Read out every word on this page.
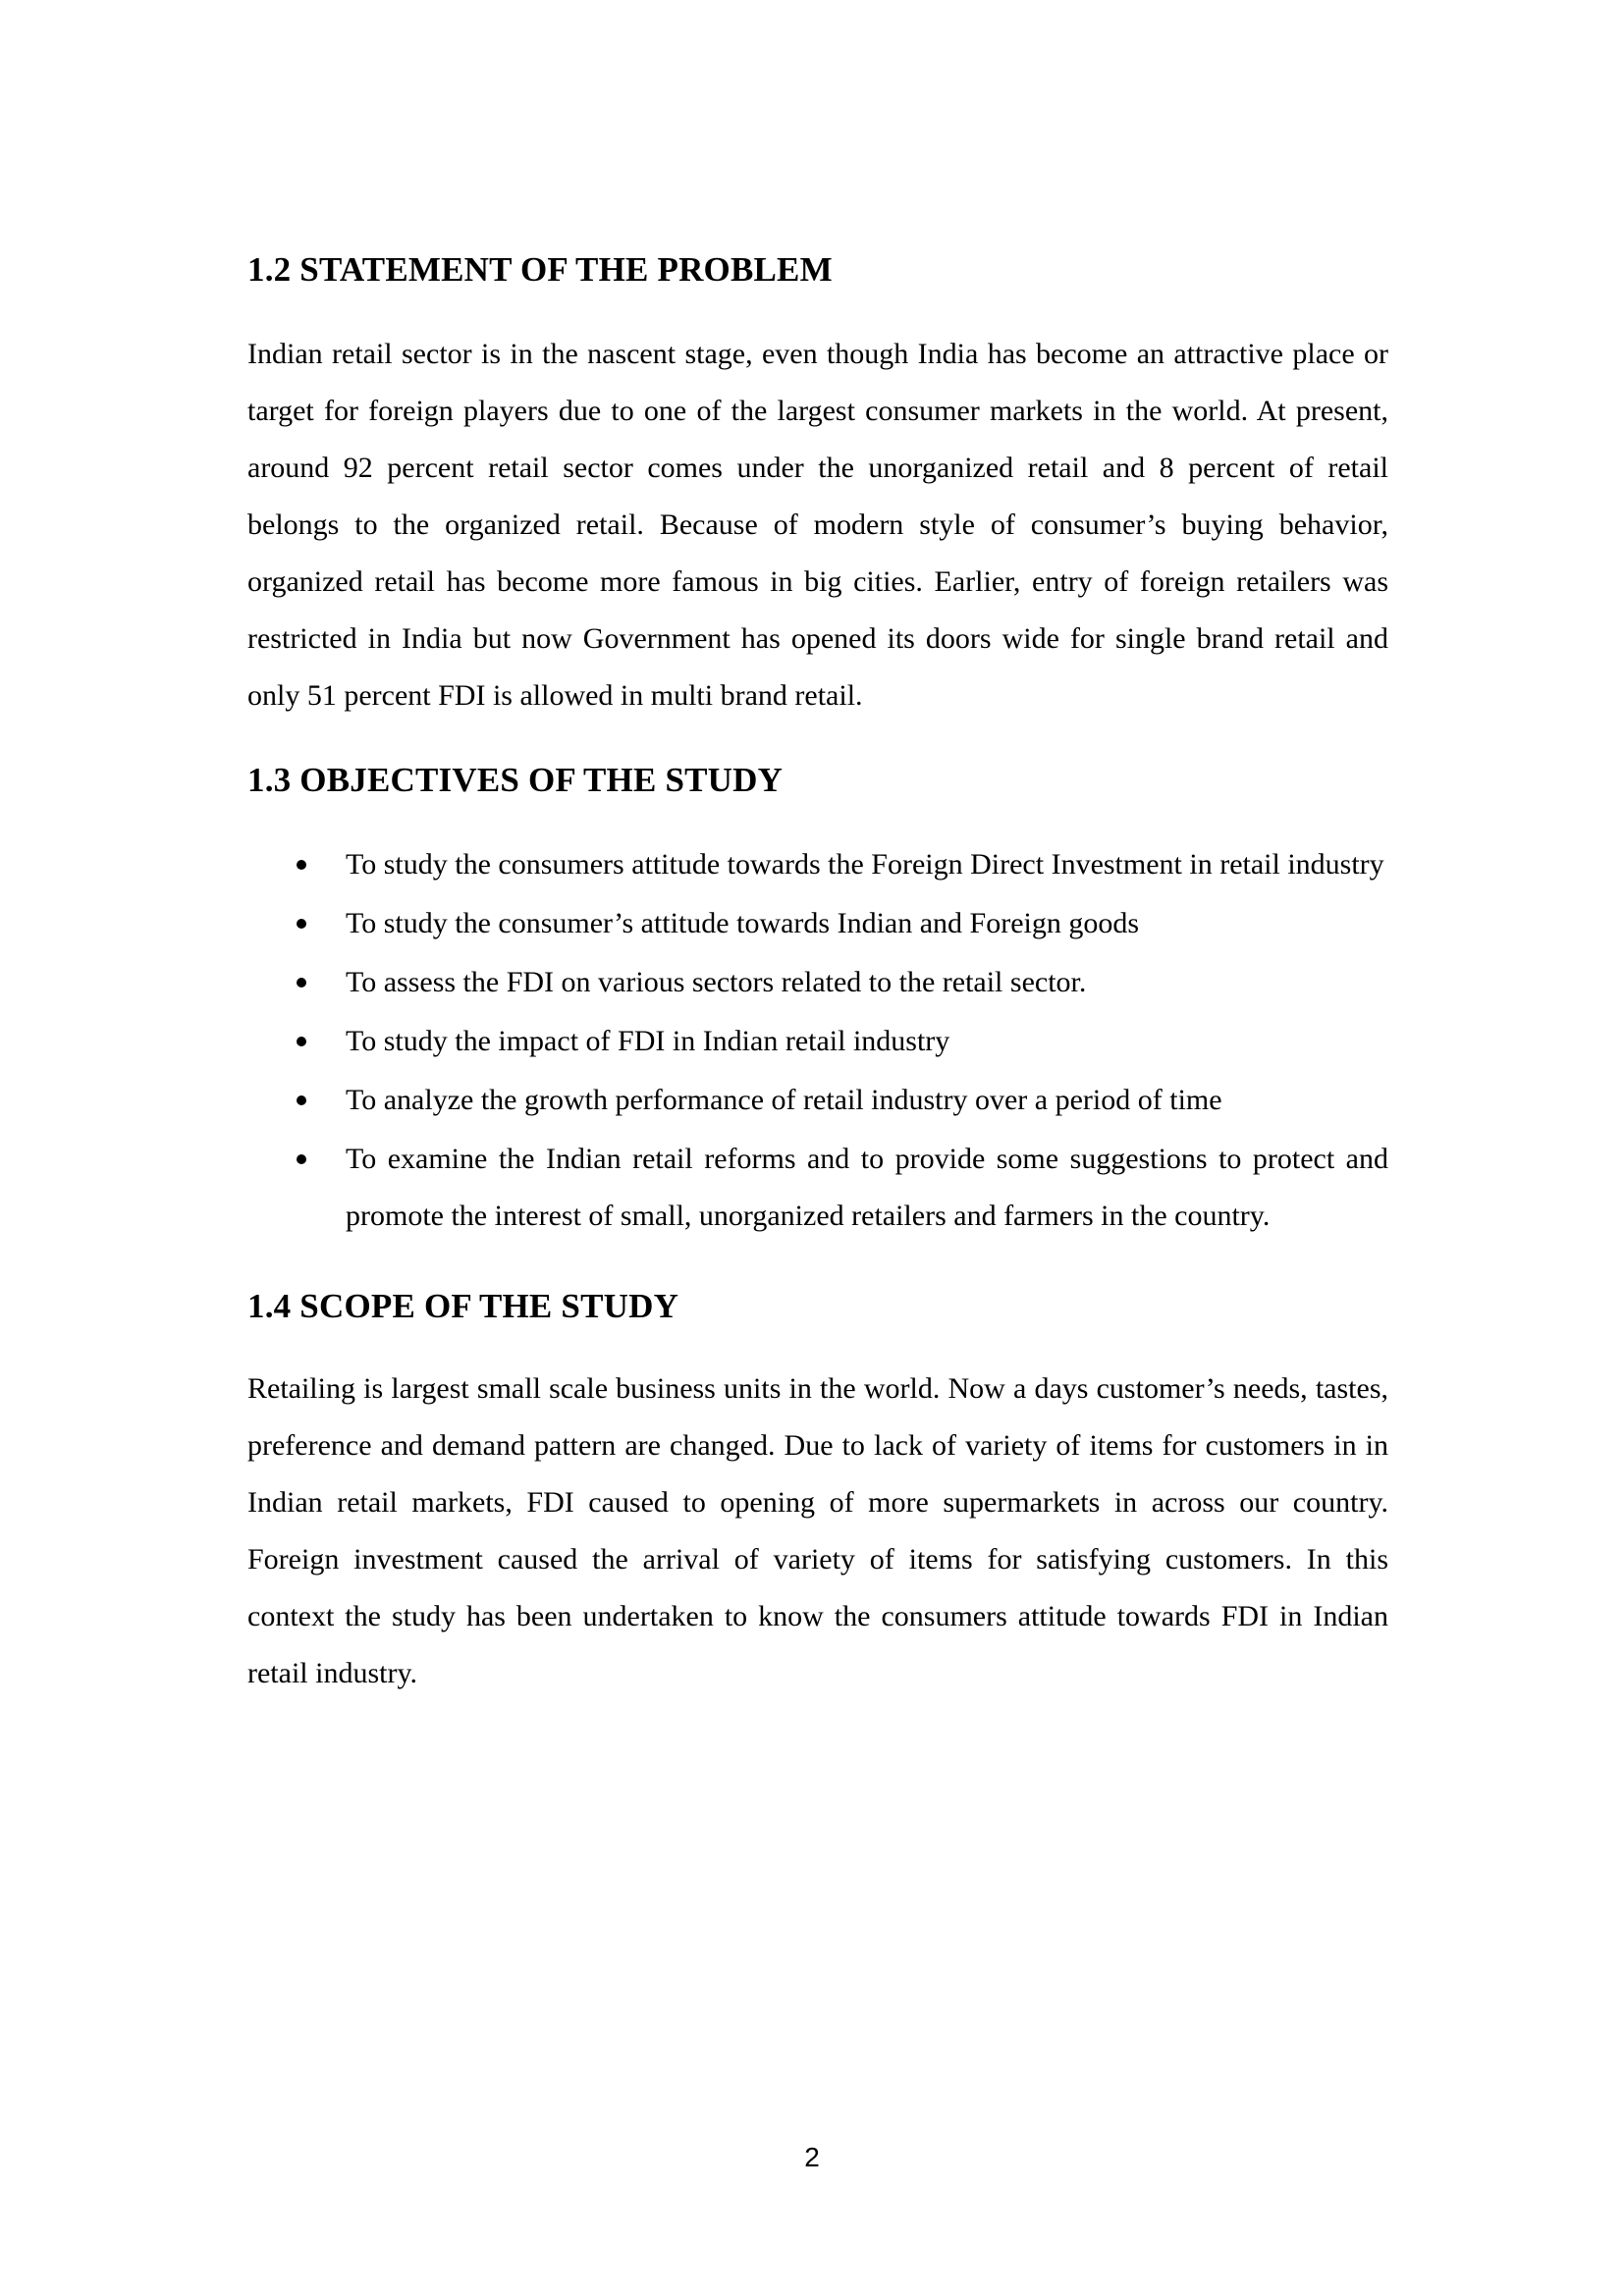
1.2 STATEMENT OF THE PROBLEM

Indian retail sector is in the nascent stage, even though India has become an attractive place or target for foreign players due to one of the largest consumer markets in the world. At present, around 92 percent retail sector comes under the unorganized retail and 8 percent of retail belongs to the organized retail. Because of modern style of consumer’s buying behavior, organized retail has become more famous in big cities. Earlier, entry of foreign retailers was restricted in India but now Government has opened its doors wide for single brand retail and only 51 percent FDI is allowed in multi brand retail.

1.3 OBJECTIVES OF THE STUDY
To study the consumers attitude towards the Foreign Direct Investment in retail industry
To study the consumer’s attitude towards Indian and Foreign goods
To assess the FDI on various sectors related to the retail sector.
To study the impact of FDI in Indian retail industry
To analyze the growth performance of retail industry over a period of time
To examine the Indian retail reforms and to provide some suggestions to protect and promote the interest of small, unorganized retailers and farmers in the country.
1.4 SCOPE OF THE STUDY

Retailing is largest small scale business units in the world. Now a days customer’s needs, tastes, preference and demand pattern are changed. Due to lack of variety of items for customers in in Indian retail markets, FDI caused to opening of more supermarkets in across our country. Foreign investment caused the arrival of variety of items for satisfying customers. In this context the study has been undertaken to know the consumers attitude towards FDI in Indian retail industry.

2
